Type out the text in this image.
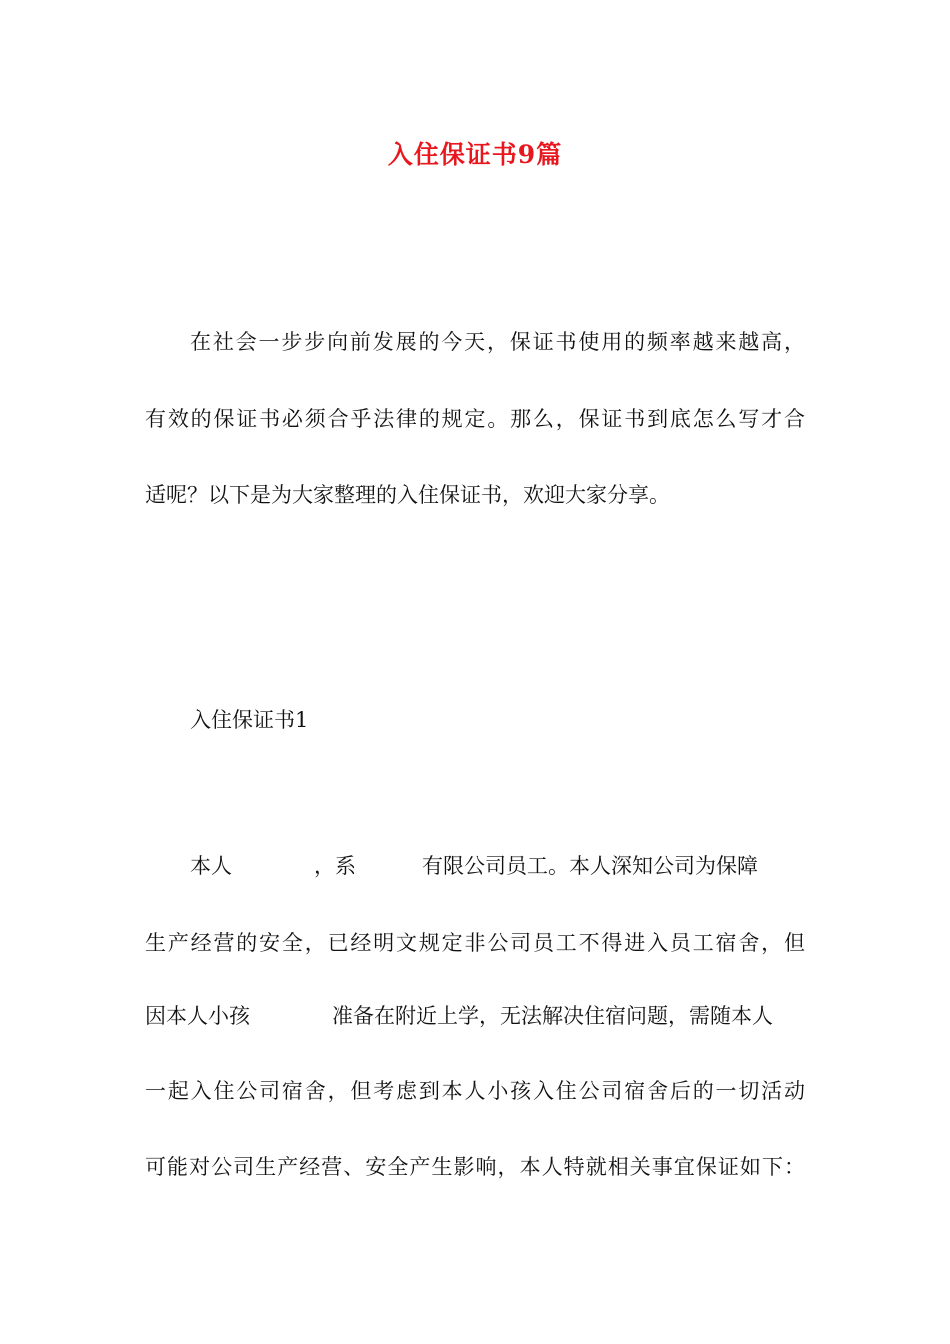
入住保证书9篇
在社会一步步向前发展的今天，保证书使用的频率越来越高，
有效的保证书必须合乎法律的规定。那么，保证书到底怎么写才合
适呢？以下是为大家整理的入住保证书，欢迎大家分享。
入住保证书1
本人	，系	有限公司员工。本人深知公司为保障
生产经营的安全，已经明文规定非公司员工不得进入员工宿舍，但
因本人小孩	准备在附近上学，无法解决住宿问题，需随本人
一起入住公司宿舍，但考虑到本人小孩入住公司宿舍后的一切活动
可能对公司生产经营、安全产生影响，本人特就相关事宜保证如下：
